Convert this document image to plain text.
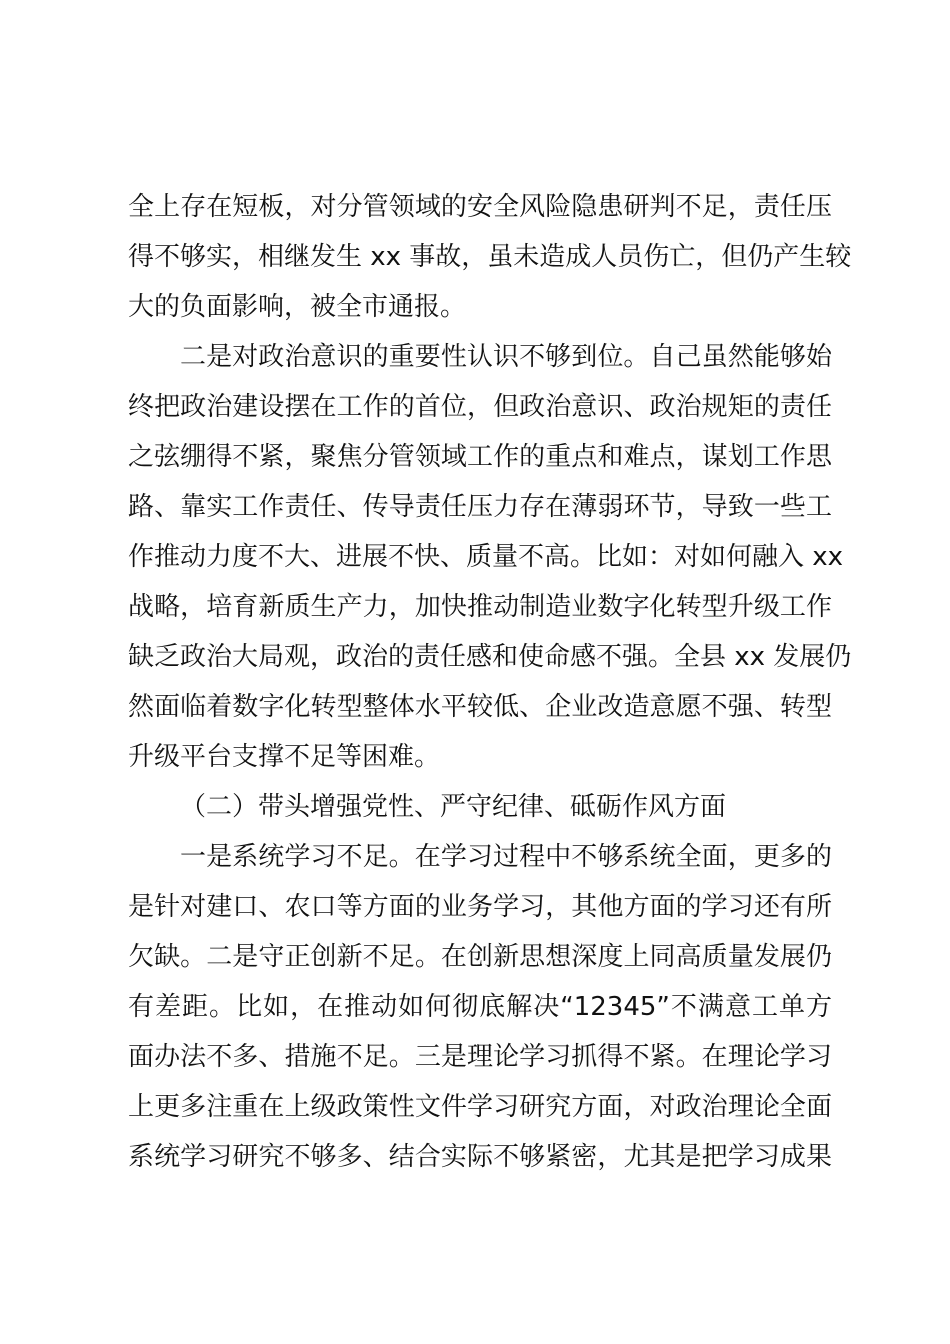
全上存在短板，对分管领域的安全风险隐患研判不足，责任压
得不够实，相继发生 xx 事故，虽未造成人员伤亡，但仍产生较
大的负面影响，被全市通报。
二是对政治意识的重要性认识不够到位。自己虽然能够始
终把政治建设摆在工作的首位，但政治意识、政治规矩的责任
之弦绷得不紧，聚焦分管领域工作的重点和难点，谋划工作思
路、靠实工作责任、传导责任压力存在薄弱环节，导致一些工
作推动力度不大、进展不快、质量不高。比如：对如何融入 xx
战略，培育新质生产力，加快推动制造业数字化转型升级工作
缺乏政治大局观，政治的责任感和使命感不强。全县 xx 发展仍
然面临着数字化转型整体水平较低、企业改造意愿不强、转型
升级平台支撑不足等困难。
（二）带头增强党性、严守纪律、砥砺作风方面
一是系统学习不足。在学习过程中不够系统全面，更多的
是针对建口、农口等方面的业务学习，其他方面的学习还有所
欠缺。二是守正创新不足。在创新思想深度上同高质量发展仍
有差距。比如，在推动如何彻底解决“12345”不满意工单方
面办法不多、措施不足。三是理论学习抓得不紧。在理论学习
上更多注重在上级政策性文件学习研究方面，对政治理论全面
系统学习研究不够多、结合实际不够紧密，尤其是把学习成果
